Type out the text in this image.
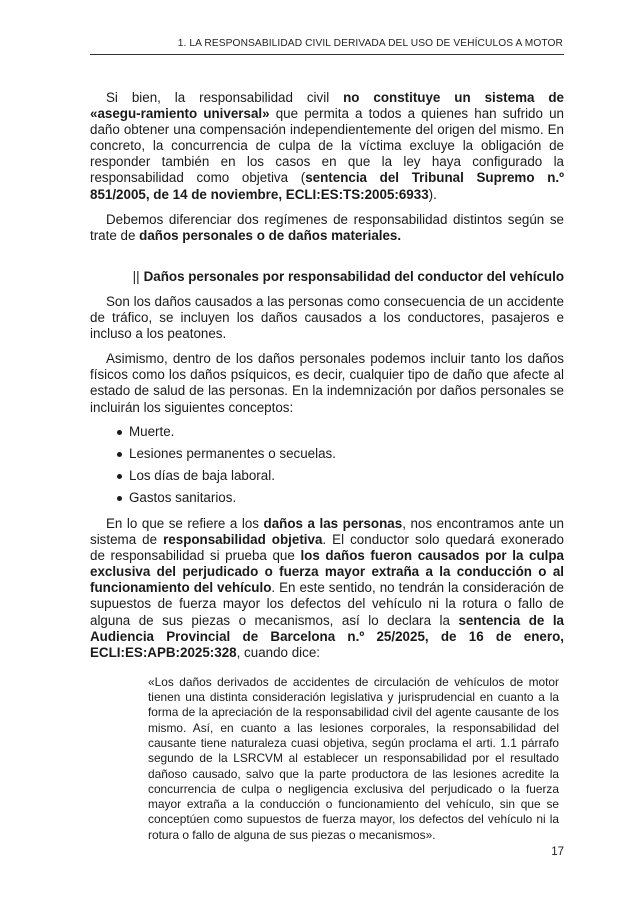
1. LA RESPONSABILIDAD CIVIL DERIVADA DEL USO DE VEHÍCULOS A MOTOR

Si bien, la responsabilidad civil no constituye un sistema de «asegu-ramiento universal» que permita a todos a quienes han sufrido un daño obtener una compensación independientemente del origen del mismo. En concreto, la concurrencia de culpa de la víctima excluye la obligación de responder también en los casos en que la ley haya configurado la responsabilidad como objetiva (sentencia del Tribunal Supremo n.º 851/2005, de 14 de noviembre, ECLI:ES:TS:2005:6933).

Debemos diferenciar dos regímenes de responsabilidad distintos según se trate de daños personales o de daños materiales.

|| Daños personales por responsabilidad del conductor del vehículo

Son los daños causados a las personas como consecuencia de un accidente de tráfico, se incluyen los daños causados a los conductores, pasajeros e incluso a los peatones.

Asimismo, dentro de los daños personales podemos incluir tanto los daños físicos como los daños psíquicos, es decir, cualquier tipo de daño que afecte al estado de salud de las personas. En la indemnización por daños personales se incluirán los siguientes conceptos:

Muerte.
Lesiones permanentes o secuelas.
Los días de baja laboral.
Gastos sanitarios.

En lo que se refiere a los daños a las personas, nos encontramos ante un sistema de responsabilidad objetiva. El conductor solo quedará exonerado de responsabilidad si prueba que los daños fueron causados por la culpa exclusiva del perjudicado o fuerza mayor extraña a la conducción o al funcionamiento del vehículo. En este sentido, no tendrán la consideración de supuestos de fuerza mayor los defectos del vehículo ni la rotura o fallo de alguna de sus piezas o mecanismos, así lo declara la sentencia de la Audiencia Provincial de Barcelona n.º 25/2025, de 16 de enero, ECLI:ES:APB:2025:328, cuando dice:

«Los daños derivados de accidentes de circulación de vehículos de motor tienen una distinta consideración legislativa y jurisprudencial en cuanto a la forma de la apreciación de la responsabilidad civil del agente causante de los mismo. Así, en cuanto a las lesiones corporales, la responsabilidad del causante tiene naturaleza cuasi objetiva, según proclama el arti. 1.1 párrafo segundo de la LSRCVM al establecer un responsabilidad por el resultado dañoso causado, salvo que la parte productora de las lesiones acredite la concurrencia de culpa o negligencia exclusiva del perjudicado o la fuerza mayor extraña a la conducción o funcionamiento del vehículo, sin que se conceptúen como supuestos de fuerza mayor, los defectos del vehículo ni la rotura o fallo de alguna de sus piezas o mecanismos».
17
